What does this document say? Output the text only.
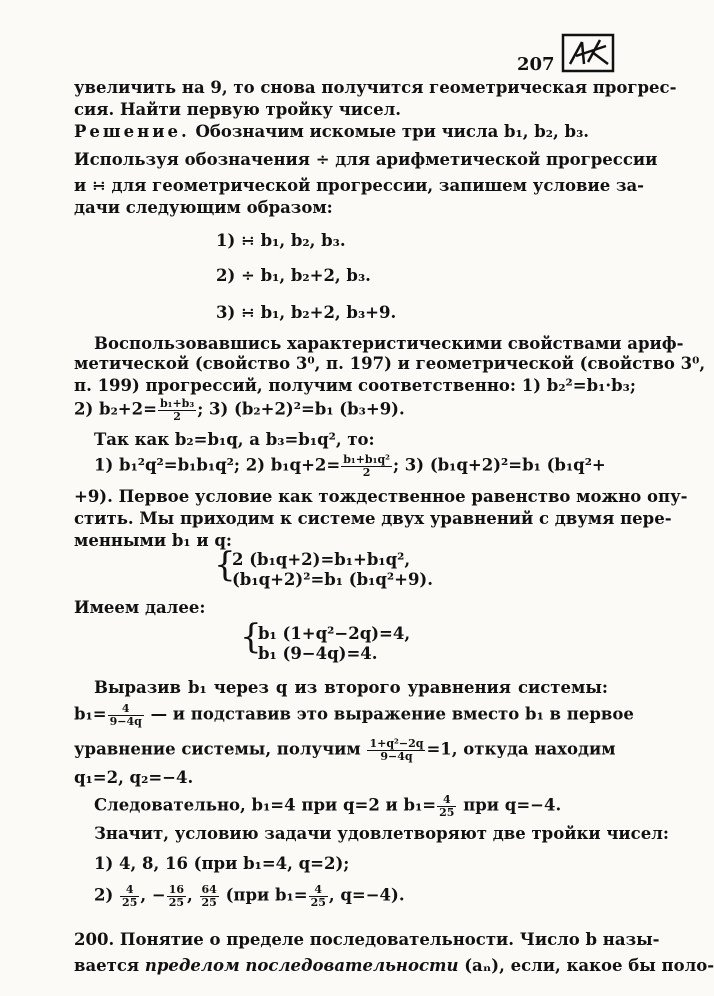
207
увеличить на 9, то снова получится геометрическая прогрес-
сия. Найти первую тройку чисел.
Решение. Обозначим искомые три числа b₁, b₂, b₃.
Используя обозначения ÷ для арифметической прогрессии
и ∺ для геометрической прогрессии, запишем условие за-
дачи следующим образом:
1) ∺ b₁, b₂, b₃.
2) ÷ b₁, b₂+2, b₃.
3) ∺ b₁, b₂+2, b₃+9.
Воспользовавшись характеристическими свойствами ариф-
метической (свойство 3⁰, п. 197) и геометрической (свойство 3⁰,
п. 199) прогрессий, получим соответственно: 1) b₂²=b₁·b₃;
2) $b_2+2= \frac{\text{b₁+b₃}}{2}$ ; 3) (b₂+2)²=b₁ (b₃+9).
Так как b₂=b₁q, а b₃=b₁q², то:
1) b₁²q²=b₁b₁q²; 2) $b_1q+2= \frac{\text{b₁+b₁q²}}{2}$ ; 3) (b₁q+2)²=b₁ (b₁q²+
+9). Первое условие как тождественное равенство можно опу-
стить. Мы приходим к системе двух уравнений с двумя пере-
менными b₁ и q:
{
2 (b₁q+2)=b₁+b₁q²,
(b₁q+2)²=b₁ (b₁q²+9).
Имеем далее:
{
b₁ (1+q²−2q)=4,
b₁ (9−4q)=4.
Выразив b₁ через q из второго уравнения системы:
$b_1= \frac{4}{9-4q}$ — и подставив это выражение вместо b₁ в первое
уравнение системы, получим $\frac{\text{1+q²−2q}}{9-4q} =1$, откуда находим
q₁=2, q₂=−4.
Следовательно, b₁=4 при q=2 и $b_1= \frac{4}{25}$ при q=−4.
Значит, условию задачи удовлетворяют две тройки чисел:
1) 4, 8, 16 (при b₁=4, q=2);
$2) \frac{4}{25}$ , − $\frac{16}{25}$ , $\frac{64}{25} (при$ $b_1= \frac{4}{25}$ , q=−4).
200. Понятие о пределе последовательности. Число b назы-
вается пределом последовательности (aₙ), если, какое бы поло-
